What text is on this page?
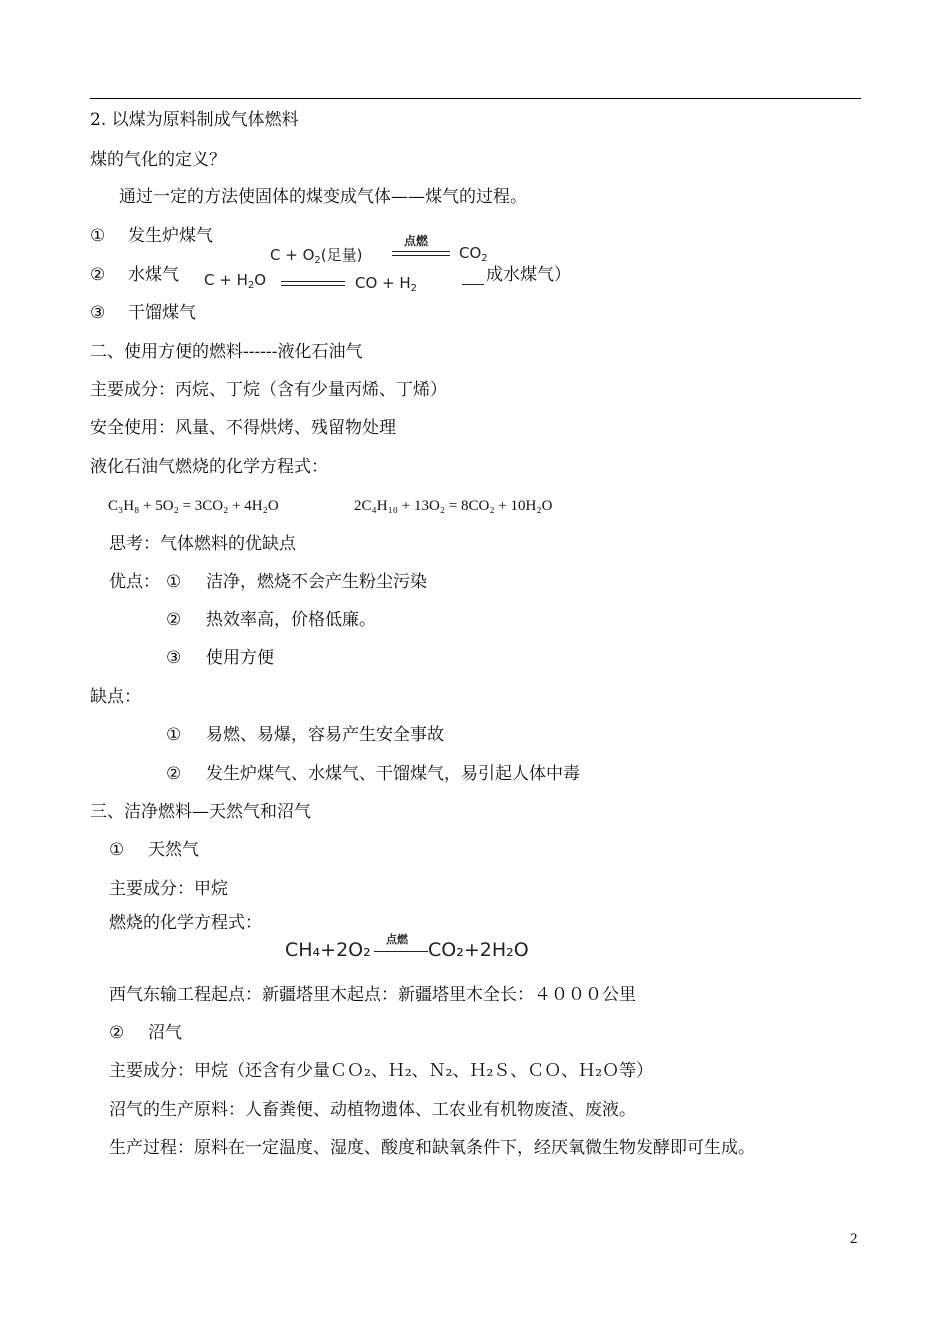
2. 以煤为原料制成气体燃料
煤的气化的定义？
通过一定的方法使固体的煤变成气体——煤气的过程。
① 发生炉煤气
② 水煤气	成水煤气）
$C + O_2$(足量)
点燃
$CO_2$
$C + H_2O$	CO + $H_2$
③ 干馏煤气
二、使用方便的燃料------液化石油气
主要成分：丙烷、丁烷（含有少量丙烯、丁烯）
安全使用：风量、不得烘烤、残留物处理
液化石油气燃烧的化学方程式：
C₃H₈ + 5O₂ = 3CO₂ + 4H₂O	2C₄H₁₀ + 13O₂ = 8CO₂ + 10H₂O
思考：气体燃料的优缺点
优点： ① 洁净，燃烧不会产生粉尘污染
② 热效率高，价格低廉。
③ 使用方便
缺点：
① 易燃、易爆，容易产生安全事故
② 发生炉煤气、水煤气、干馏煤气，易引起人体中毒
三、洁净燃料—天然气和沼气
① 天然气
主要成分：甲烷
燃烧的化学方程式：
CH₄+2O₂ 点燃 CO₂+2H₂O
西气东输工程起点：新疆塔里木起点：新疆塔里木全长：４０００公里
② 沼气
主要成分：甲烷（还含有少量ＣＯ₂、Ｈ₂、Ｎ₂、Ｈ₂Ｓ、ＣＯ、Ｈ₂Ｏ等）
沼气的生产原料：人畜粪便、动植物遗体、工农业有机物废渣、废液。
生产过程：原料在一定温度、湿度、酸度和缺氧条件下，经厌氧微生物发酵即可生成。
2
